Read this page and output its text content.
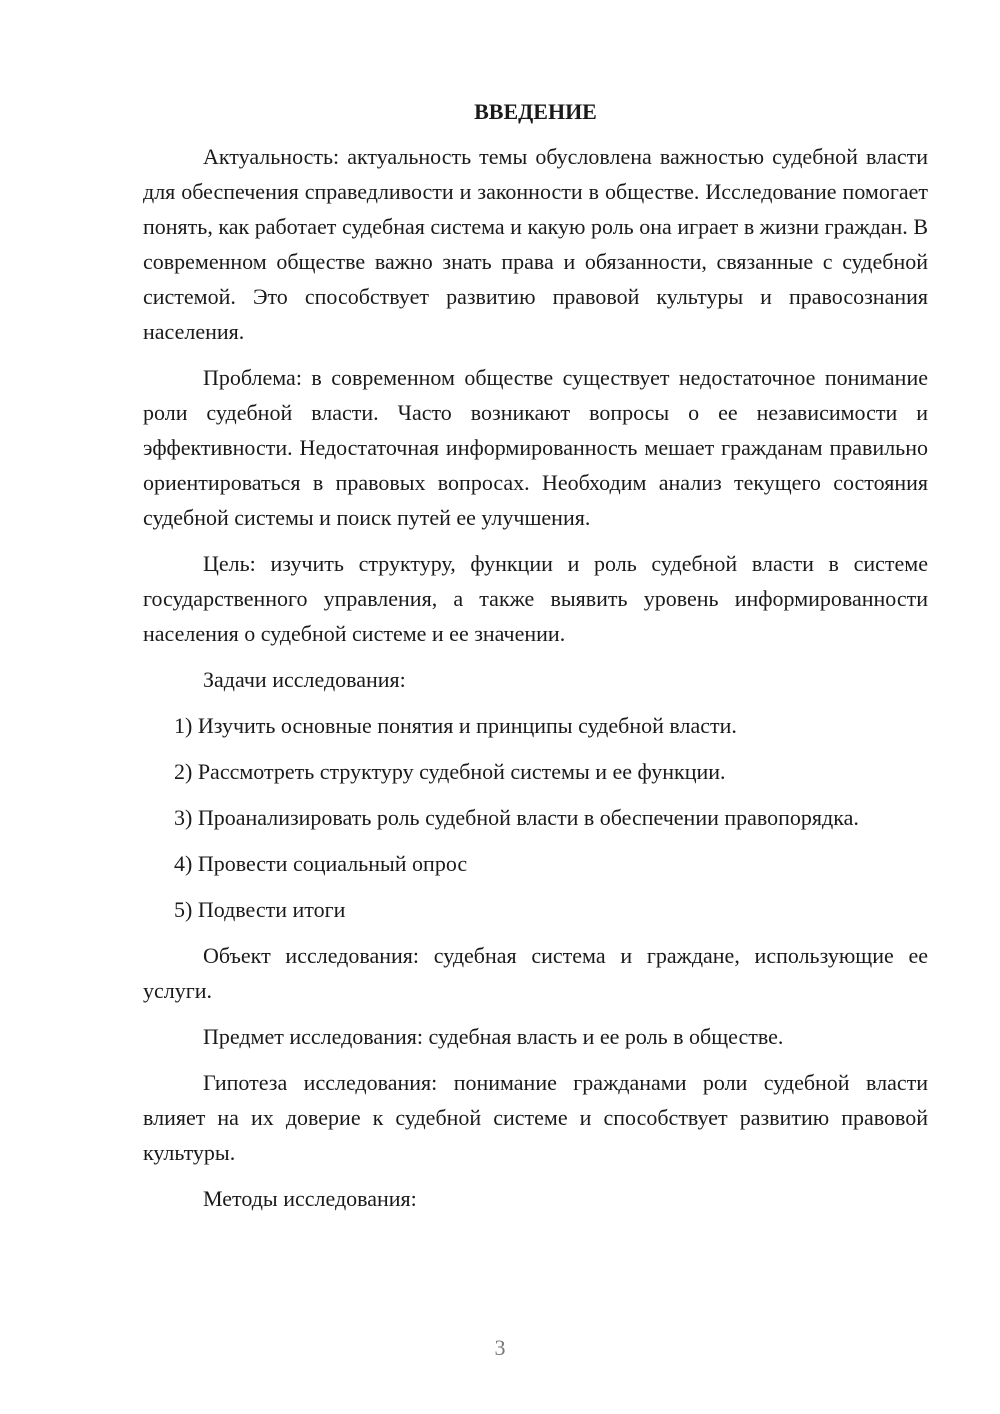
ВВЕДЕНИЕ

Актуальность: актуальность темы обусловлена важностью судебной власти для обеспечения справедливости и законности в обществе. Исследование помогает понять, как работает судебная система и какую роль она играет в жизни граждан. В современном обществе важно знать права и обязанности, связанные с судебной системой. Это способствует развитию правовой культуры и правосознания населения.

Проблема: в современном обществе существует недостаточное понимание роли судебной власти. Часто возникают вопросы о ее независимости и эффективности. Недостаточная информированность мешает гражданам правильно ориентироваться в правовых вопросах. Необходим анализ текущего состояния судебной системы и поиск путей ее улучшения.

Цель: изучить структуру, функции и роль судебной власти в системе государственного управления, а также выявить уровень информированности населения о судебной системе и ее значении.

Задачи исследования:

1) Изучить основные понятия и принципы судебной власти.

2) Рассмотреть структуру судебной системы и ее функции.

3) Проанализировать роль судебной власти в обеспечении правопорядка.

4) Провести социальный опрос

5) Подвести итоги

Объект исследования: судебная система и граждане, использующие ее услуги.

Предмет исследования: судебная власть и ее роль в обществе.

Гипотеза исследования: понимание гражданами роли судебной власти влияет на их доверие к судебной системе и способствует развитию правовой культуры.

Методы исследования:

3
